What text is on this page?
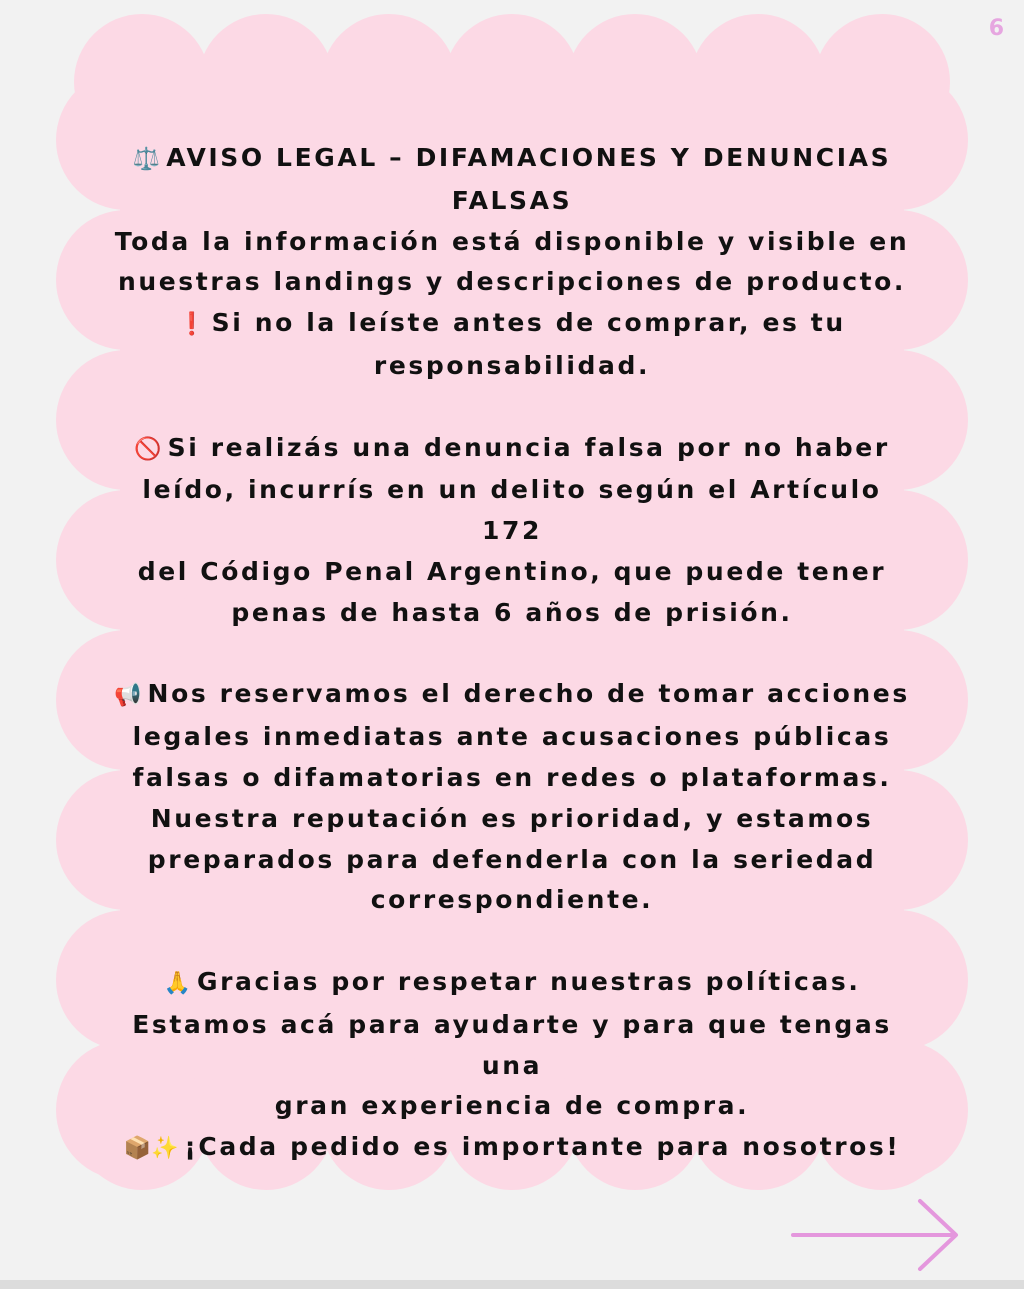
6
⚖️ AVISO LEGAL – DIFAMACIONES Y DENUNCIAS
FALSAS
Toda la información está disponible y visible en
nuestras landings y descripciones de producto.
❗ Si no la leíste antes de comprar, es tu
responsabilidad.
🚫 Si realizás una denuncia falsa por no haber
leído, incurrís en un delito según el Artículo 172
del Código Penal Argentino, que puede tener
penas de hasta 6 años de prisión.
📢 Nos reservamos el derecho de tomar acciones
legales inmediatas ante acusaciones públicas
falsas o difamatorias en redes o plataformas.
Nuestra reputación es prioridad, y estamos
preparados para defenderla con la seriedad
correspondiente.
🙏 Gracias por respetar nuestras políticas.
Estamos acá para ayudarte y para que tengas una
gran experiencia de compra.
📦✨ ¡Cada pedido es importante para nosotros!
